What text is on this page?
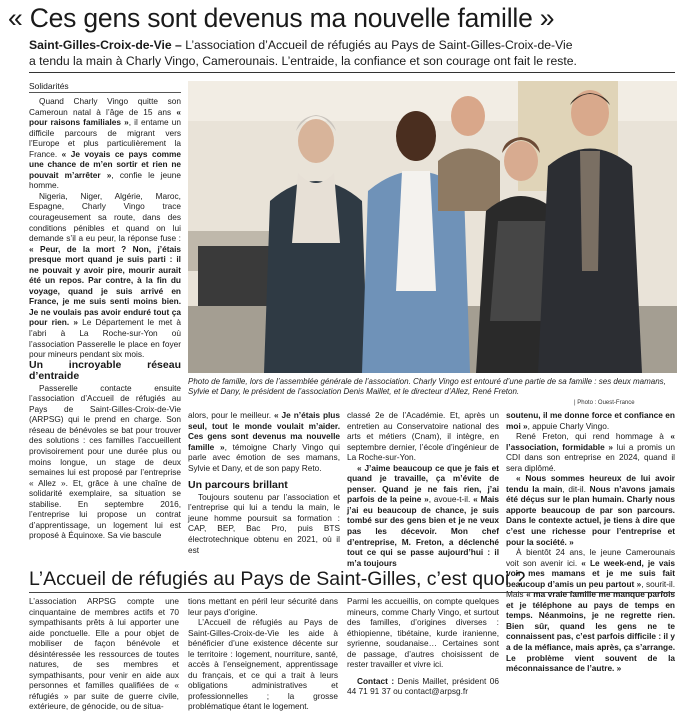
« Ces gens sont devenus ma nouvelle famille »
Saint-Gilles-Croix-de-Vie – L’association d’Accueil de réfugiés au Pays de Saint-Gilles-Croix-de-Vie
a tendu la main à Charly Vingo, Camerounais. L’entraide, la confiance et son courage ont fait le reste.
Solidarités

Quand Charly Vingo quitte son Cameroun natal à l’âge de 15 ans « pour raisons familiales », il entame un difficile parcours de migrant vers l’Europe et plus particulièrement la France. « Je voyais ce pays comme une chance de m’en sortir et rien ne pouvait m’arrêter », confie le jeune homme.

Nigeria, Niger, Algérie, Maroc, Espagne, Charly Vingo trace courageusement sa route, dans des conditions pénibles et quand on lui demande s’il a eu peur, la réponse fuse : « Peur, de la mort ? Non, j’étais presque mort quand je suis parti : il ne pouvait y avoir pire, mourir aurait été un repos. Par contre, à la fin du voyage, quand je suis arrivé en France, je me suis senti moins bien. Je ne voulais pas avoir enduré tout ça pour rien. » Le Département le met à l’abri à La Roche-sur-Yon où l’association Passerelle le place en foyer pour mineurs pendant six mois.

Un incroyable réseau d’entraide

Passerelle contacte ensuite l’association d’Accueil de réfugiés au Pays de Saint-Gilles-Croix-de-Vie (ARPSG) qui le prend en charge. Son réseau de bénévoles se bat pour trouver des solutions : ces familles l’accueillent provisoirement pour une durée plus ou moins longue, un stage de deux semaines lui est proposé par l’entreprise « Allez ». Et, grâce à une chaîne de solidarité exemplaire, sa situation se stabilise. En septembre 2016, l’entreprise lui propose un contrat d’apprentissage, un logement lui est proposé à Équinoxe. Sa vie bascule

Photo de famille, lors de l’assemblée générale de l’association. Charly Vingo est entouré d’une partie de sa famille : ses deux mamans, Sylvie et Dany, le président de l’association Denis Maillet, et le directeur d’Allez, René Freton.
| Photo : Ouest-France

alors, pour le meilleur. « Je n’étais plus seul, tout le monde voulait m’aider. Ces gens sont devenus ma nouvelle famille », témoigne Charly Vingo qui parle avec émotion de ses mamans, Sylvie et Dany, et de son papy Reto.

Un parcours brillant

Toujours soutenu par l’association et l’entreprise qui lui a tendu la main, le jeune homme poursuit sa formation : CAP, BEP, Bac Pro, puis BTS électrotechnique obtenu en 2021, où il est

classé 2e de l’Académie. Et, après un entretien au Conservatoire national des arts et métiers (Cnam), il intègre, en septembre dernier, l’école d’ingénieur de La Roche-sur-Yon.

« J’aime beaucoup ce que je fais et quand je travaille, ça m’évite de penser. Quand je ne fais rien, j’ai parfois de la peine », avoue-t-il. « Mais j’ai eu beaucoup de chance, je suis tombé sur des gens bien et je ne veux pas les décevoir. Mon chef d’entreprise, M. Freton, a déclenché tout ce qui se passe aujourd’hui : il m’a toujours

soutenu, il me donne force et confiance en moi », appuie Charly Vingo.

René Freton, qui rend hommage à « l’association, formidable » lui a promis un CDI dans son entreprise en 2024, quand il sera diplômé.

« Nous sommes heureux de lui avoir tendu la main, dit-il. Nous n’avons jamais été déçus sur le plan humain. Charly nous apporte beaucoup de par son parcours. Dans le contexte actuel, je tiens à dire que c’est une richesse pour l’entreprise et pour la société. »

À bientôt 24 ans, le jeune Camerounais voit son avenir ici. « Le week-end, je vais voir mes mamans et je me suis fait beaucoup d’amis un peu partout », sourit-il. Mais « ma vraie famille me manque parfois et je téléphone au pays de temps en temps. Néanmoins, je ne regrette rien. Bien sûr, quand les gens ne te connaissent pas, c’est parfois difficile : il y a de la méfiance, mais après, ça s’arrange. Le problème vient souvent de la méconnaissance de l’autre. »

L’Accueil de réfugiés au Pays de Saint-Gilles, c’est quoi ?

L’association ARPSG compte une cinquantaine de membres actifs et 70 sympathisants prêts à lui apporter une aide ponctuelle. Elle a pour objet de mobiliser de façon bénévole et désintéressée les ressources de toutes natures, de ses membres et sympathisants, pour venir en aide aux personnes et familles qualifiées de « réfugiés » par suite de guerre civile, extérieure, de génocide, ou de situa-

tions mettant en péril leur sécurité dans leur pays d’origine.

L’Accueil de réfugiés au Pays de Saint-Gilles-Croix-de-Vie les aide à bénéficier d’une existence décente sur le territoire : logement, nourriture, santé, accès à l’enseignement, apprentissage du français, et ce qui a trait à leurs obligations administratives et professionnelles ; la grosse problématique étant le logement.

Parmi les accueillis, on compte quelques mineurs, comme Charly Vingo, et surtout des familles, d’origines diverses : éthiopienne, tibétaine, kurde iranienne, syrienne, soudanaise… Certaines sont de passage, d’autres choisissent de rester travailler et vivre ici.

Contact : Denis Maillet, président 06 44 71 91 37 ou contact@arpsg.fr
